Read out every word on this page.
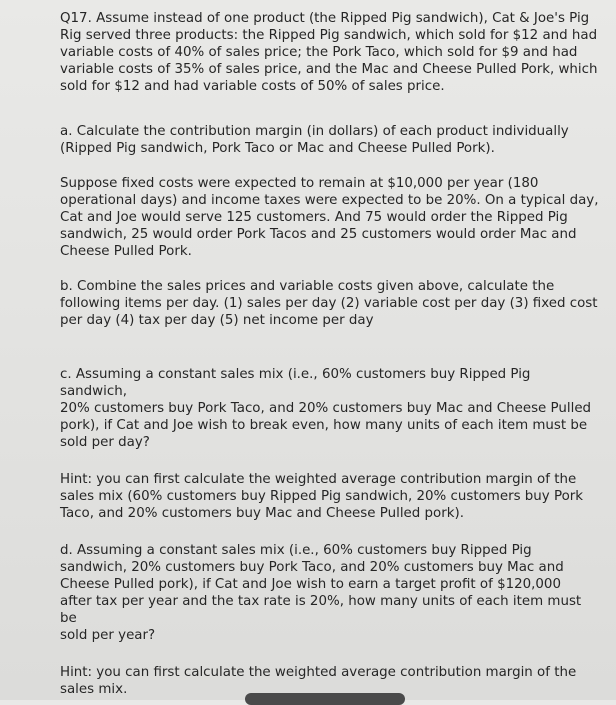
Q17. Assume instead of one product (the Ripped Pig sandwich), Cat & Joe's Pig
Rig served three products: the Ripped Pig sandwich, which sold for $12 and had
variable costs of 40% of sales price; the Pork Taco, which sold for $9 and had
variable costs of 35% of sales price, and the Mac and Cheese Pulled Pork, which
sold for $12 and had variable costs of 50% of sales price.

a. Calculate the contribution margin (in dollars) of each product individually
(Ripped Pig sandwich, Pork Taco or Mac and Cheese Pulled Pork).

Suppose fixed costs were expected to remain at $10,000 per year (180
operational days) and income taxes were expected to be 20%. On a typical day,
Cat and Joe would serve 125 customers. And 75 would order the Ripped Pig
sandwich, 25 would order Pork Tacos and 25 customers would order Mac and
Cheese Pulled Pork.

b. Combine the sales prices and variable costs given above, calculate the
following items per day. (1) sales per day (2) variable cost per day (3) fixed cost
per day (4) tax per day (5) net income per day

c. Assuming a constant sales mix (i.e., 60% customers buy Ripped Pig sandwich,
20% customers buy Pork Taco, and 20% customers buy Mac and Cheese Pulled
pork), if Cat and Joe wish to break even, how many units of each item must be
sold per day?

Hint: you can first calculate the weighted average contribution margin of the
sales mix (60% customers buy Ripped Pig sandwich, 20% customers buy Pork
Taco, and 20% customers buy Mac and Cheese Pulled pork).

d. Assuming a constant sales mix (i.e., 60% customers buy Ripped Pig
sandwich, 20% customers buy Pork Taco, and 20% customers buy Mac and
Cheese Pulled pork), if Cat and Joe wish to earn a target profit of $120,000
after tax per year and the tax rate is 20%, how many units of each item must be
sold per year?

Hint: you can first calculate the weighted average contribution margin of the
sales mix.
